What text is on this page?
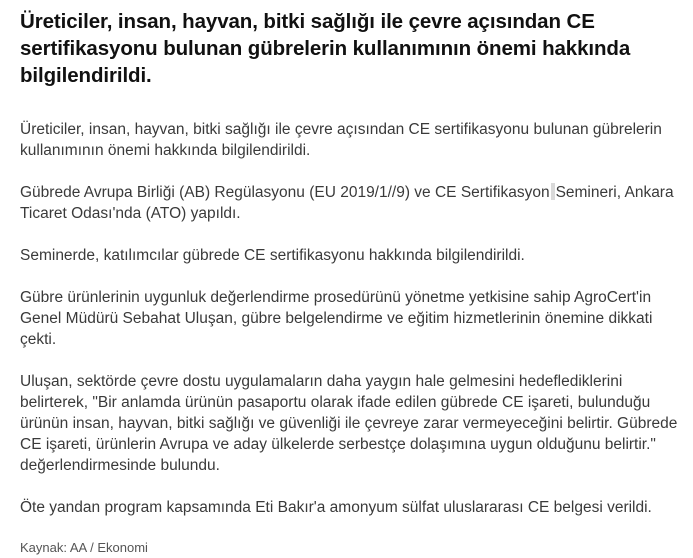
Üreticiler, insan, hayvan, bitki sağlığı ile çevre açısından CE sertifikasyonu bulunan gübrelerin kullanımının önemi hakkında bilgilendirildi.

Üreticiler, insan, hayvan, bitki sağlığı ile çevre açısından CE sertifikasyonu bulunan gübrelerin kullanımının önemi hakkında bilgilendirildi.

Gübrede Avrupa Birliği (AB) Regülasyonu (EU 2019/1//9) ve CE Sertifikasyon Semineri, Ankara Ticaret Odası'nda (ATO) yapıldı.

Seminerde, katılımcılar gübrede CE sertifikasyonu hakkında bilgilendirildi.

Gübre ürünlerinin uygunluk değerlendirme prosedürünü yönetme yetkisine sahip AgroCert'in Genel Müdürü Sebahat Uluşan, gübre belgelendirme ve eğitim hizmetlerinin önemine dikkati çekti.

Uluşan, sektörde çevre dostu uygulamaların daha yaygın hale gelmesini hedeflediklerini belirterek, "Bir anlamda ürünün pasaportu olarak ifade edilen gübrede CE işareti, bulunduğu ürünün insan, hayvan, bitki sağlığı ve güvenliği ile çevreye zarar vermeyeceğini belirtir. Gübrede CE işareti, ürünlerin Avrupa ve aday ülkelerde serbestçe dolaşımına uygun olduğunu belirtir." değerlendirmesinde bulundu.

Öte yandan program kapsamında Eti Bakır'a amonyum sülfat uluslararası CE belgesi verildi.

Kaynak: AA / Ekonomi
